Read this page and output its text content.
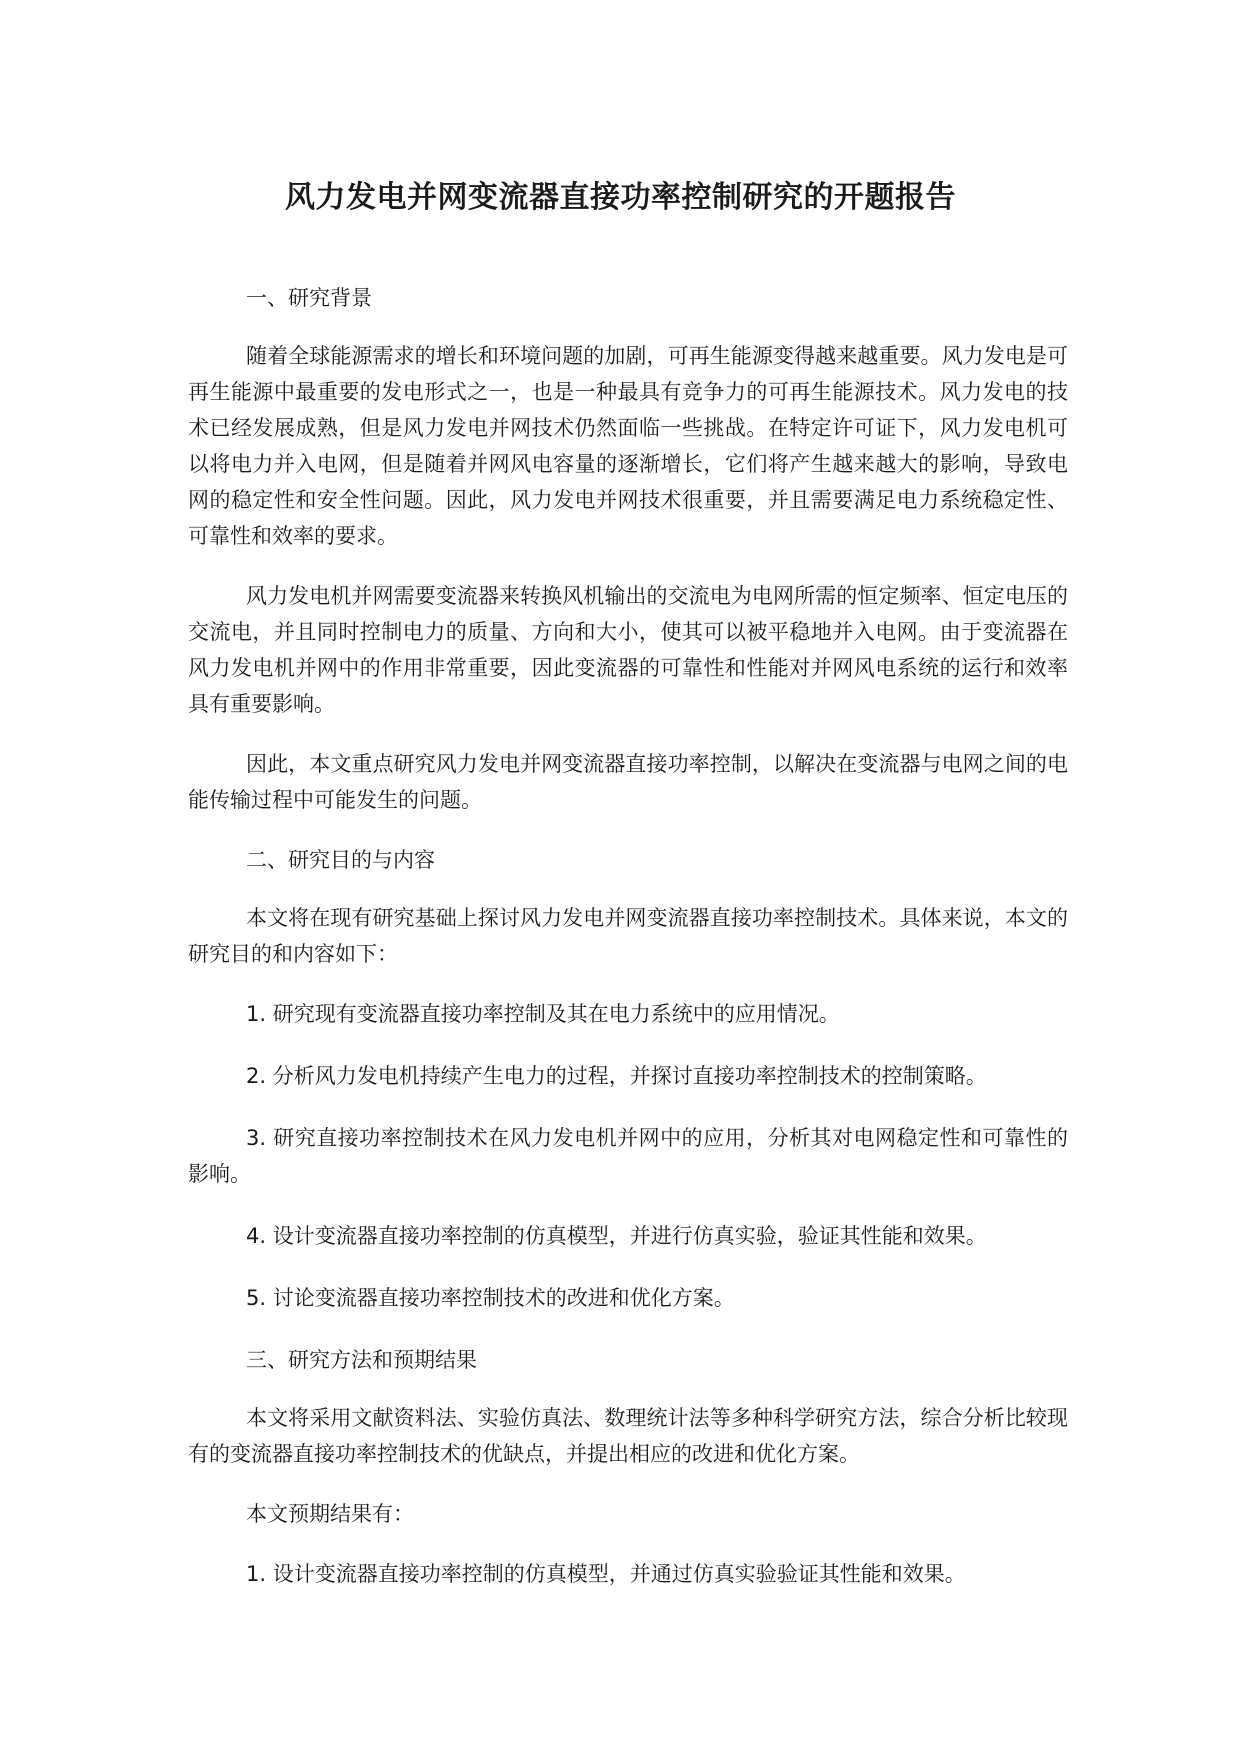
风力发电并网变流器直接功率控制研究的开题报告

一、研究背景

随着全球能源需求的增长和环境问题的加剧，可再生能源变得越来越重要。风力发电是可再生能源中最重要的发电形式之一，也是一种最具有竞争力的可再生能源技术。风力发电的技术已经发展成熟，但是风力发电并网技术仍然面临一些挑战。在特定许可证下，风力发电机可以将电力并入电网，但是随着并网风电容量的逐渐增长，它们将产生越来越大的影响，导致电网的稳定性和安全性问题。因此，风力发电并网技术很重要，并且需要满足电力系统稳定性、可靠性和效率的要求。

风力发电机并网需要变流器来转换风机输出的交流电为电网所需的恒定频率、恒定电压的交流电，并且同时控制电力的质量、方向和大小，使其可以被平稳地并入电网。由于变流器在风力发电机并网中的作用非常重要，因此变流器的可靠性和性能对并网风电系统的运行和效率具有重要影响。

因此，本文重点研究风力发电并网变流器直接功率控制，以解决在变流器与电网之间的电能传输过程中可能发生的问题。

二、研究目的与内容

本文将在现有研究基础上探讨风力发电并网变流器直接功率控制技术。具体来说，本文的研究目的和内容如下：

1. 研究现有变流器直接功率控制及其在电力系统中的应用情况。

2. 分析风力发电机持续产生电力的过程，并探讨直接功率控制技术的控制策略。

3. 研究直接功率控制技术在风力发电机并网中的应用，分析其对电网稳定性和可靠性的影响。

4. 设计变流器直接功率控制的仿真模型，并进行仿真实验，验证其性能和效果。

5. 讨论变流器直接功率控制技术的改进和优化方案。

三、研究方法和预期结果

本文将采用文献资料法、实验仿真法、数理统计法等多种科学研究方法，综合分析比较现有的变流器直接功率控制技术的优缺点，并提出相应的改进和优化方案。

本文预期结果有：

1. 设计变流器直接功率控制的仿真模型，并通过仿真实验验证其性能和效果。
